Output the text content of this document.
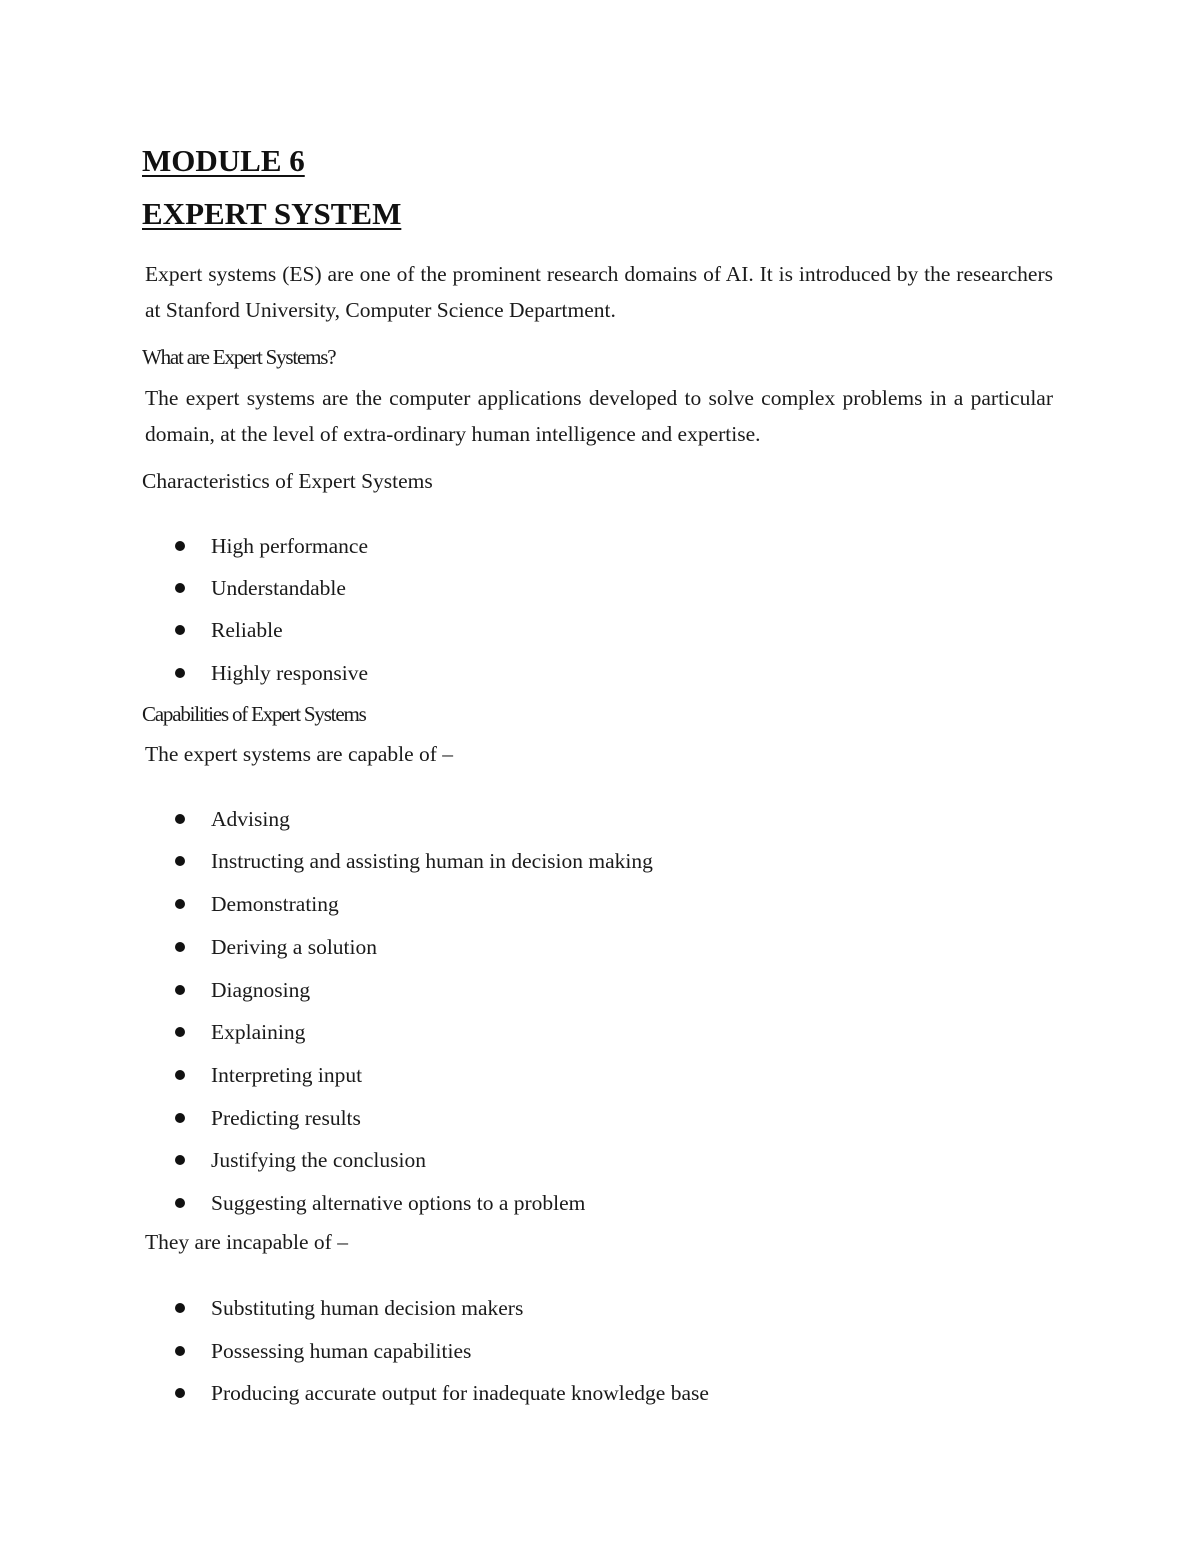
MODULE 6
EXPERT SYSTEM
Expert systems (ES) are one of the prominent research domains of AI. It is introduced by the researchers at Stanford University, Computer Science Department.
What are Expert Systems?
The expert systems are the computer applications developed to solve complex problems in a particular domain, at the level of extra-ordinary human intelligence and expertise.
Characteristics of Expert Systems
High performance
Understandable
Reliable
Highly responsive
Capabilities of Expert Systems
The expert systems are capable of –
Advising
Instructing and assisting human in decision making
Demonstrating
Deriving a solution
Diagnosing
Explaining
Interpreting input
Predicting results
Justifying the conclusion
Suggesting alternative options to a problem
They are incapable of –
Substituting human decision makers
Possessing human capabilities
Producing accurate output for inadequate knowledge base
